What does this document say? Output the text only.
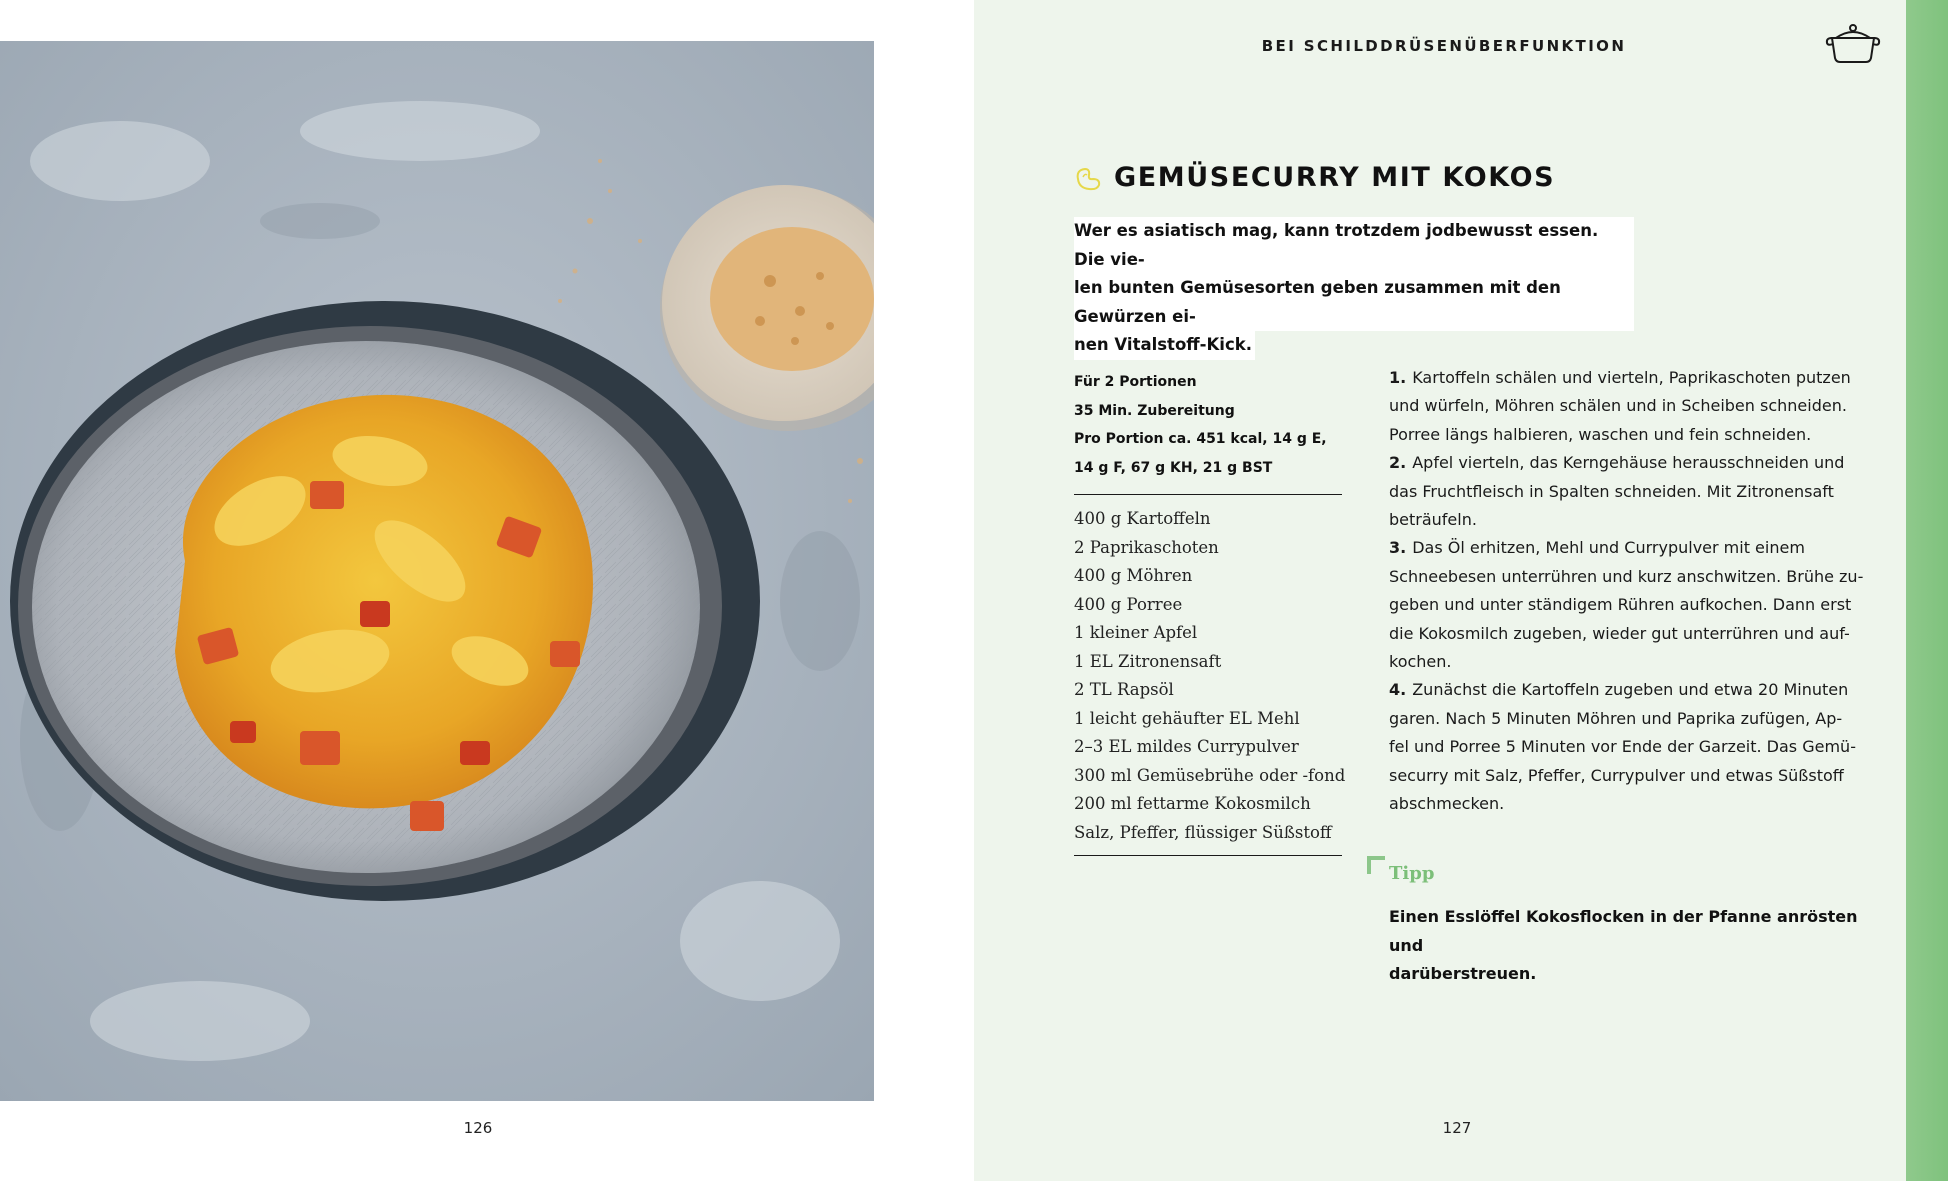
126
BEI SCHILDDRÜSENÜBERFUNKTION
GEMÜSECURRY MIT KOKOS
Wer es asiatisch mag, kann trotzdem jodbewusst essen. Die vie-
len bunten Gemüsesorten geben zusammen mit den Gewürzen ei-
nen Vitalstoff-Kick.
Für 2 Portionen
35 Min. Zubereitung
Pro Portion ca. 451 kcal, 14 g E,
14 g F, 67 g KH, 21 g BST
400 g Kartoffeln
2 Paprikaschoten
400 g Möhren
400 g Porree
1 kleiner Apfel
1 EL Zitronensaft
2 TL Rapsöl
1 leicht gehäufter EL Mehl
2–3 EL mildes Currypulver
300 ml Gemüsebrühe oder -fond
200 ml fettarme Kokosmilch
Salz, Pfeffer, flüssiger Süßstoff
1. Kartoffeln schälen und vierteln, Paprikaschoten putzen
und würfeln, Möhren schälen und in Scheiben schneiden.
Porree längs halbieren, waschen und fein schneiden.
2. Apfel vierteln, das Kerngehäuse herausschneiden und
das Fruchtfleisch in Spalten schneiden. Mit Zitronensaft
beträufeln.
3. Das Öl erhitzen, Mehl und Currypulver mit einem
Schneebesen unterrühren und kurz anschwitzen. Brühe zu-
geben und unter ständigem Rühren aufkochen. Dann erst
die Kokosmilch zugeben, wieder gut unterrühren und auf-
kochen.
4. Zunächst die Kartoffeln zugeben und etwa 20 Minuten
garen. Nach 5 Minuten Möhren und Paprika zufügen, Ap-
fel und Porree 5 Minuten vor Ende der Garzeit. Das Gemü-
securry mit Salz, Pfeffer, Currypulver und etwas Süßstoff
abschmecken.
Tipp
Einen Esslöffel Kokosflocken in der Pfanne anrösten und
darüberstreuen.
127
